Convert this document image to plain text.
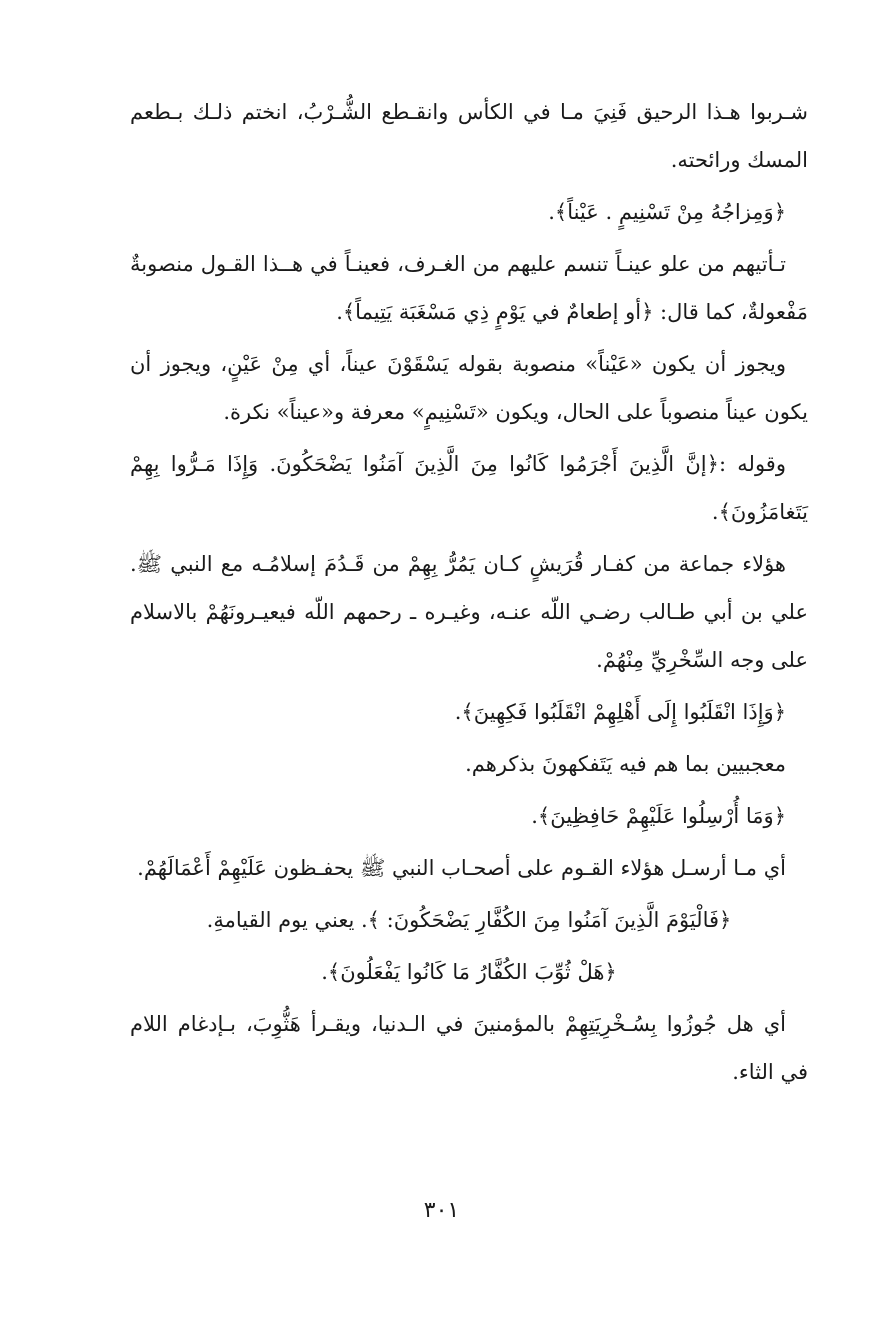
شـربوا هـذا الرحيق فَنِيَ مـا في الكأس وانقـطع الشُّـرْبُ، انختم ذلـك بـطعم المسك ورائحته.

﴿وَمِزاجُهُ مِنْ تَسْنِيمٍ . عَيْناً﴾.

تـأتيهم من علو عينـاً تنسم عليهم من الغـرف، فعينـاً في هــذا القـول منصوبةٌ مَفْعولةٌ، كما قال: ﴿أو إطعامٌ في يَوْمٍ ذِي مَسْغَبَة يَتِيماً﴾.

ويجوز أن يكون «عَيْناً» منصوبة بقوله يَسْقَوْنَ عيناً، أي مِنْ عَيْنٍ، ويجوز أن يكون عيناً منصوباً على الحال، ويكون «تَسْنِيمٍ» معرفة و«عيناً» نكرة.

وقوله :﴿إنَّ الَّذِينَ أَجْرَمُوا كَانُوا مِنَ الَّذِينَ آمَنُوا يَضْحَكُونَ. وَإِذَا مَـرُّوا بِهِمْ يَتَغامَزُونَ﴾.

هؤلاء جماعة من كفـار قُرَيشٍ كـان يَمُرُّ بِهِمْ من قَـدُمَ إسلامُـه مع النبي ﷺ. علي بن أبي طـالب رضـي اللّه عنـه، وغيـره ـ رحمهم اللّه فيعيـرونَهُمْ بالاسلام على وجه السِّخْرِيِّ مِنْهُمْ.

﴿وَإِذَا انْقَلَبُوا إِلَى أَهْلِهِمْ انْقَلَبُوا فَكِهِينَ﴾.

معجبيين بما هم فيه يَتَفكهونَ بذكرهم.

﴿وَمَا أُرْسِلُوا عَلَيْهِمْ حَافِظِينَ﴾.

أي مـا أرسـل هؤلاء القـوم على أصحـاب النبي ﷺ يحفـظون عَلَيْهِمْ أَعْمَالَهُمْ.

﴿فَالْيَوْمَ الَّذِينَ آمَنُوا مِنَ الكُفَّارِ يَضْحَكُونَ: ﴾. يعني يوم القيامةِ.

﴿هَلْ ثُوِّبَ الكُفَّارُ مَا كَانُوا يَفْعَلُونَ﴾.

أي هل جُوزُوا بِسُـخْرِيَتِهِمْ بالمؤمنينَ في الـدنيا، ويقـرأ هَثُّوِبَ، بـإدغام اللام في الثاء.

٣٠١
